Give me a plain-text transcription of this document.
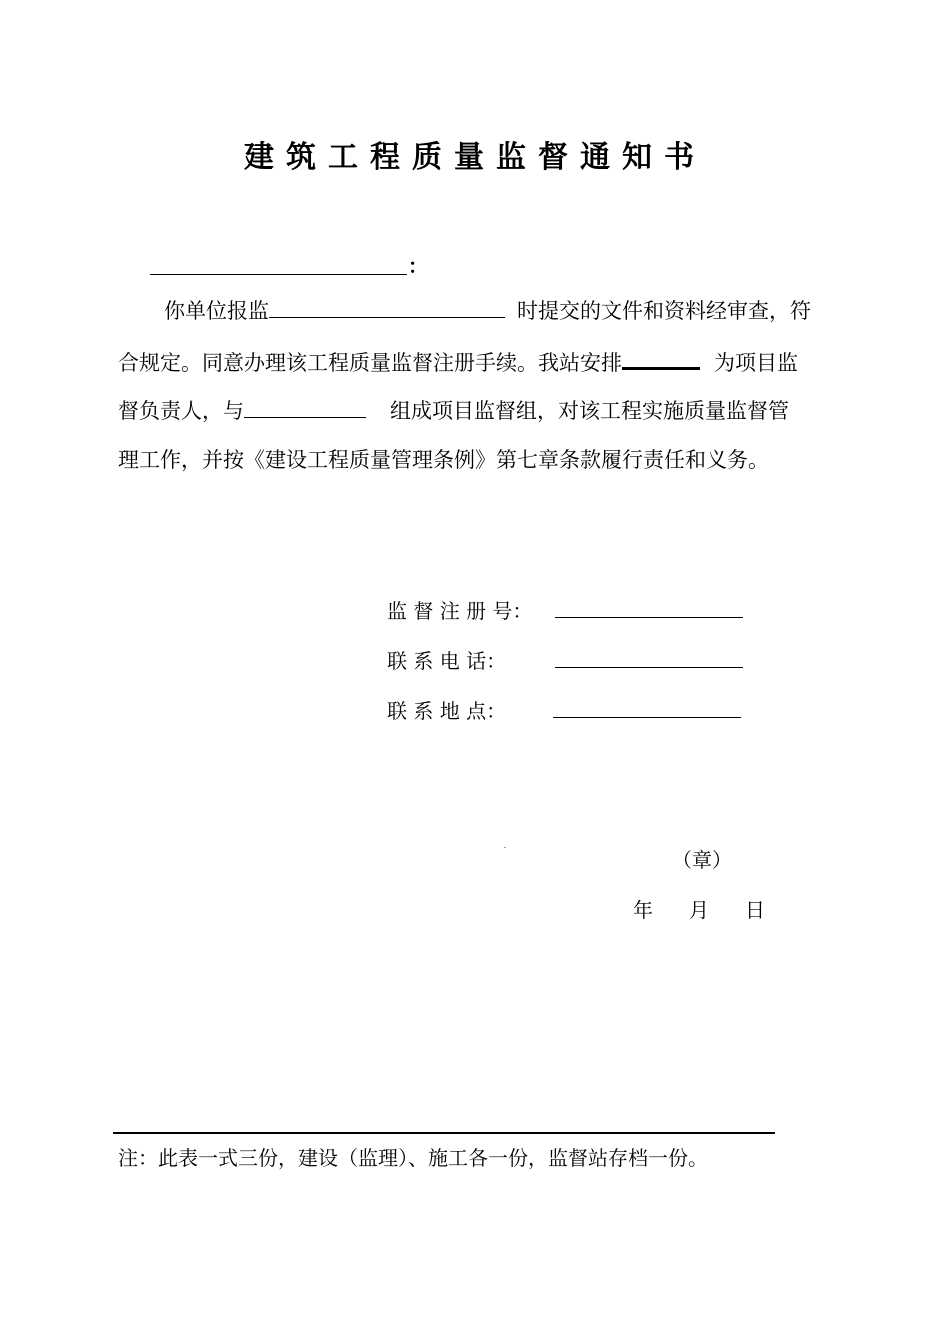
建筑工程质量监督通知书
：
你单位报监	时提交的文件和资料经审查，符
合规定。同意办理该工程质量监督注册手续。我站安排	为项目监
督负责人，与	组成项目监督组，对该工程实施质量监督管
理工作，并按《建设工程质量管理条例》第七章条款履行责任和义务。
监 督 注 册 号：
联 系 电 话：
联 系 地 点：
（章）
年 月 日
注：此表一式三份，建设（监理）、施工各一份，监督站存档一份。
